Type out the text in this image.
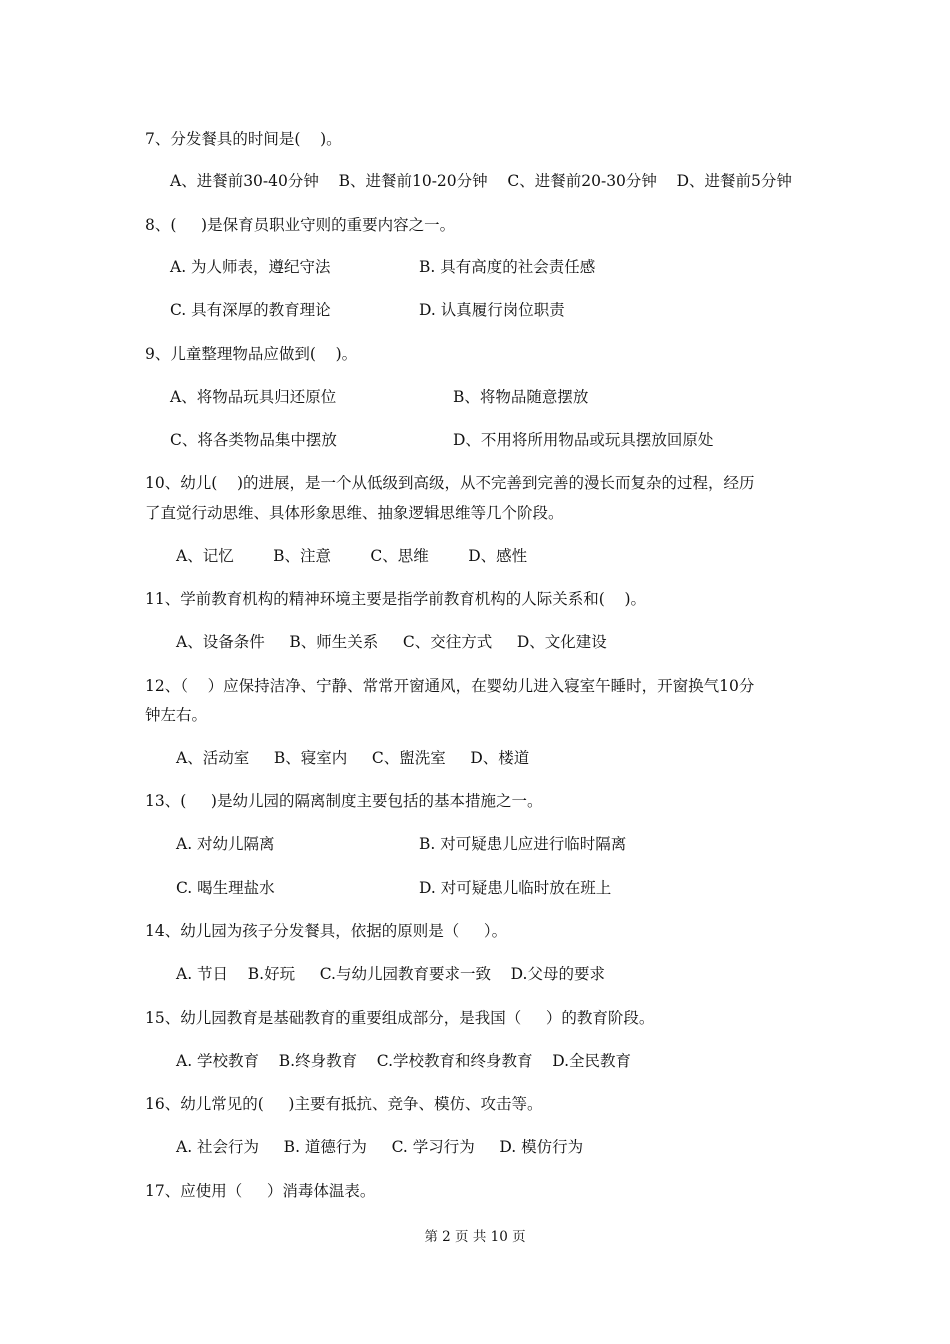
7、分发餐具的时间是(    )。
A、进餐前30-40分钟    B、进餐前10-20分钟    C、进餐前20-30分钟    D、进餐前5分钟
8、(     )是保育员职业守则的重要内容之一。
A. 为人师表，遵纪守法	B. 具有高度的社会责任感
C. 具有深厚的教育理论	D. 认真履行岗位职责
9、儿童整理物品应做到(    )。
A、将物品玩具归还原位	B、将物品随意摆放
C、将各类物品集中摆放	D、不用将所用物品或玩具摆放回原处
10、幼儿(    )的进展，是一个从低级到高级，从不完善到完善的漫长而复杂的过程，经历
了直觉行动思维、具体形象思维、抽象逻辑思维等几个阶段。
A、记忆        B、注意        C、思维        D、感性
11、学前教育机构的精神环境主要是指学前教育机构的人际关系和(    )。
A、设备条件     B、师生关系     C、交往方式     D、文化建设
12、（    ）应保持洁净、宁静、常常开窗通风，在婴幼儿进入寝室午睡时，开窗换气10分
钟左右。
A、活动室     B、寝室内     C、盥洗室     D、楼道
13、(     )是幼儿园的隔离制度主要包括的基本措施之一。
A. 对幼儿隔离	B. 对可疑患儿应进行临时隔离
C. 喝生理盐水	D. 对可疑患儿临时放在班上
14、幼儿园为孩子分发餐具，依据的原则是（     ）。
A. 节日    B.好玩     C.与幼儿园教育要求一致    D.父母的要求
15、幼儿园教育是基础教育的重要组成部分，是我国（     ）的教育阶段。
A. 学校教育    B.终身教育    C.学校教育和终身教育    D.全民教育
16、幼儿常见的(     )主要有抵抗、竞争、模仿、攻击等。
A. 社会行为     B. 道德行为     C. 学习行为     D. 模仿行为
17、应使用（     ）消毒体温表。
第 2 页 共 10 页
